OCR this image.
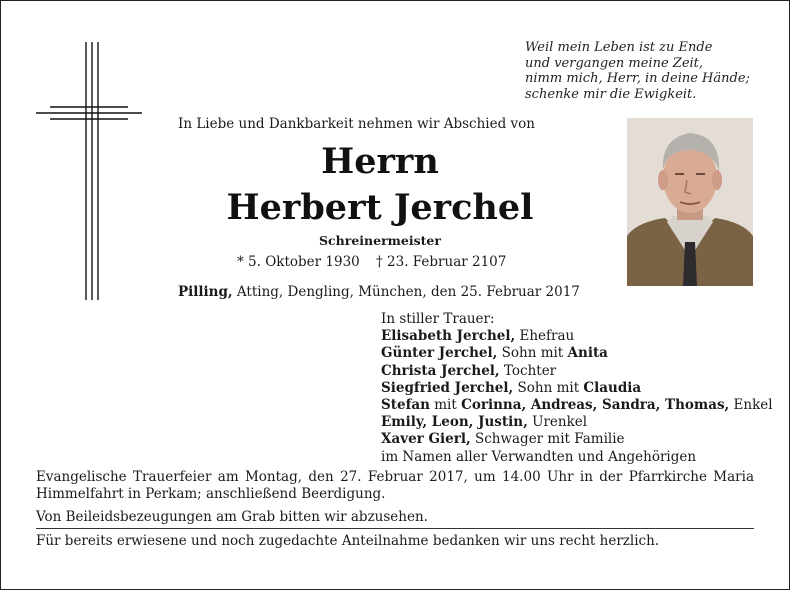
Weil mein Leben ist zu Ende
und vergangen meine Zeit,
nimm mich, Herr, in deine Hände;
schenke mir die Ewigkeit.
In Liebe und Dankbarkeit nehmen wir Abschied von
Herrn
Herbert Jerchel
Schreinermeister
* 5. Oktober 1930 † 23. Februar 2107
Pilling, Atting, Dengling, München, den 25. Februar 2017
In stiller Trauer:
Elisabeth Jerchel, Ehefrau
Günter Jerchel, Sohn mit Anita
Christa Jerchel, Tochter
Siegfried Jerchel, Sohn mit Claudia
Stefan mit Corinna, Andreas, Sandra, Thomas, Enkel
Emily, Leon, Justin, Urenkel
Xaver Gierl, Schwager mit Familie
im Namen aller Verwandten und Angehörigen
Evangelische Trauerfeier am Montag, den 27. Februar 2017, um 14.00 Uhr in der Pfarrkirche Maria Himmelfahrt in Perkam; anschließend Beerdigung.
Von Beileidsbezeugungen am Grab bitten wir abzusehen.
Für bereits erwiesene und noch zugedachte Anteilnahme bedanken wir uns recht herzlich.
